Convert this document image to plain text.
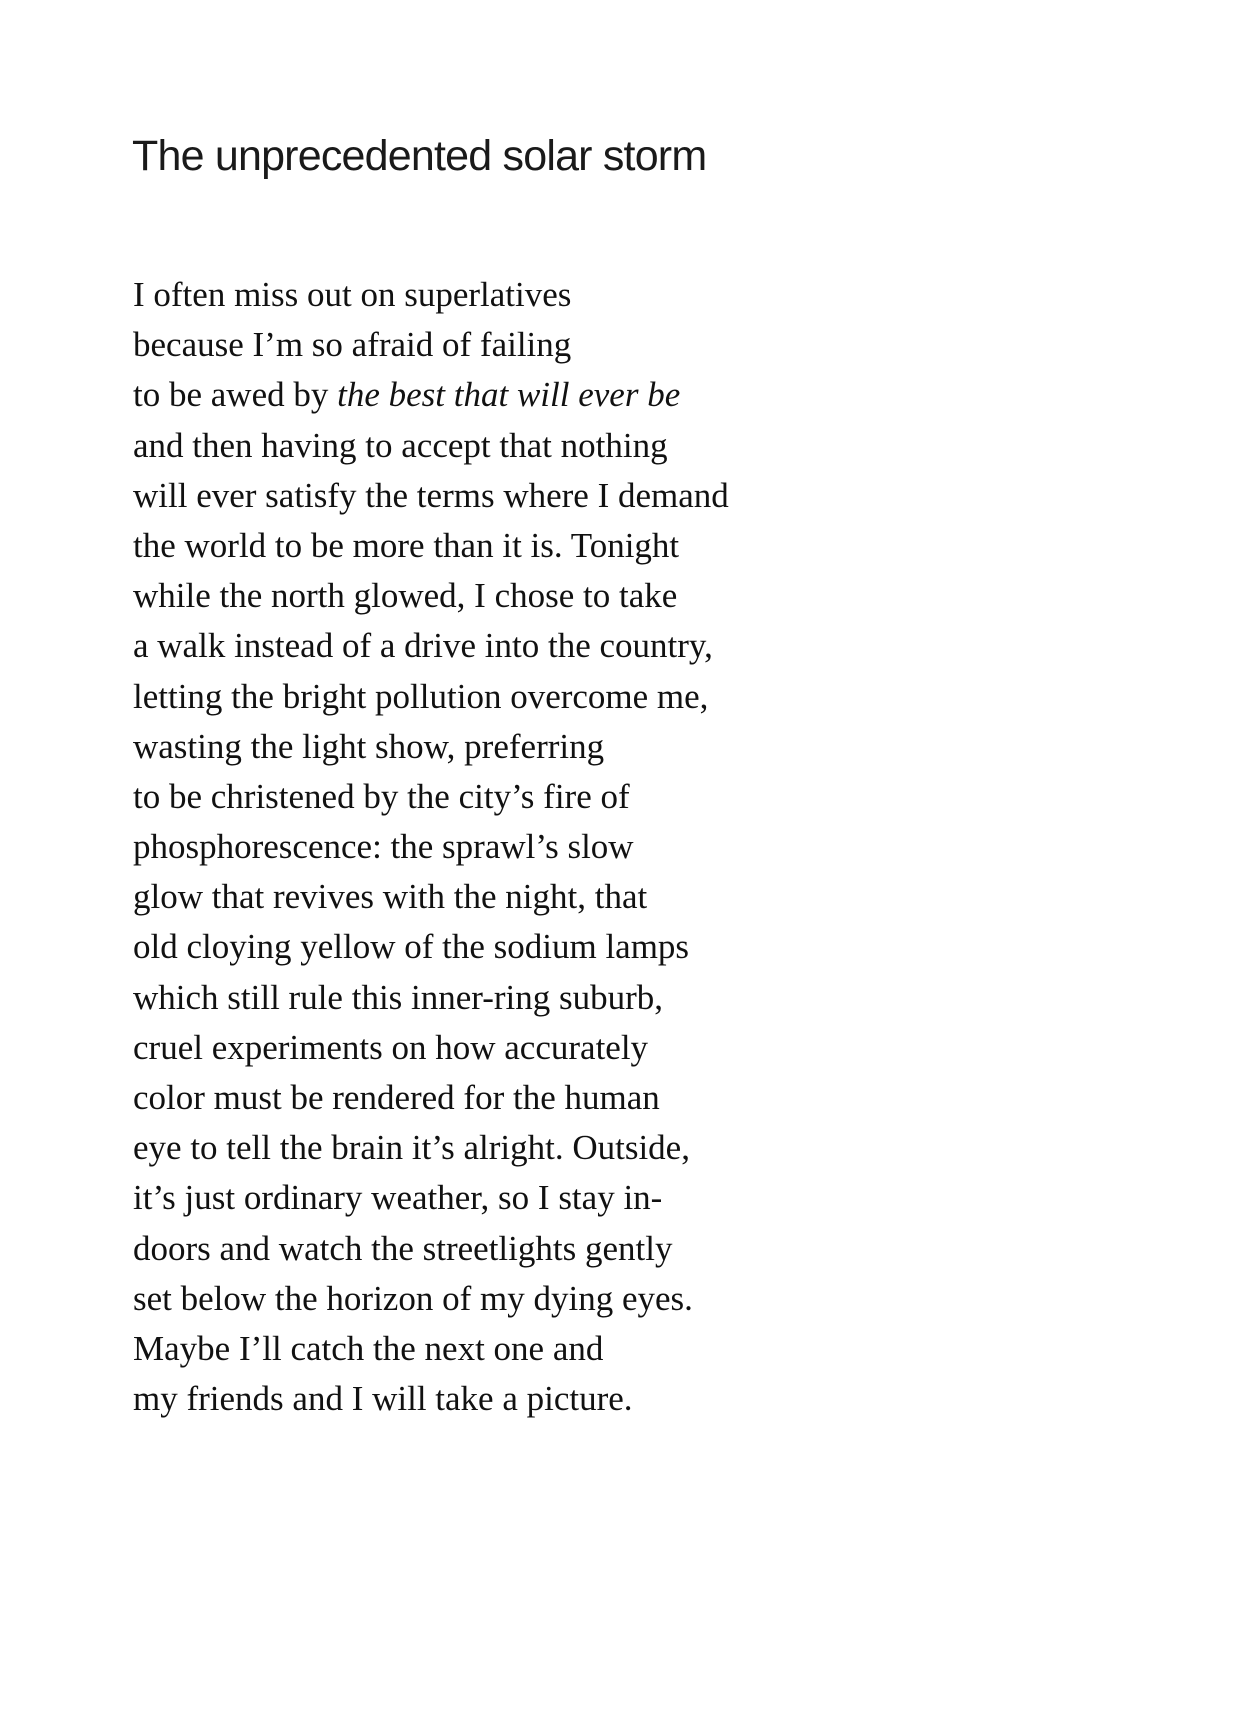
The unprecedented solar storm
I often miss out on superlatives
because I’m so afraid of failing
to be awed by the best that will ever be
and then having to accept that nothing
will ever satisfy the terms where I demand
the world to be more than it is. Tonight
while the north glowed, I chose to take
a walk instead of a drive into the country,
letting the bright pollution overcome me,
wasting the light show, preferring
to be christened by the city’s fire of
phosphorescence: the sprawl’s slow
glow that revives with the night, that
old cloying yellow of the sodium lamps
which still rule this inner-ring suburb,
cruel experiments on how accurately
color must be rendered for the human
eye to tell the brain it’s alright. Outside,
it’s just ordinary weather, so I stay in-
doors and watch the streetlights gently
set below the horizon of my dying eyes.
Maybe I’ll catch the next one and
my friends and I will take a picture.
